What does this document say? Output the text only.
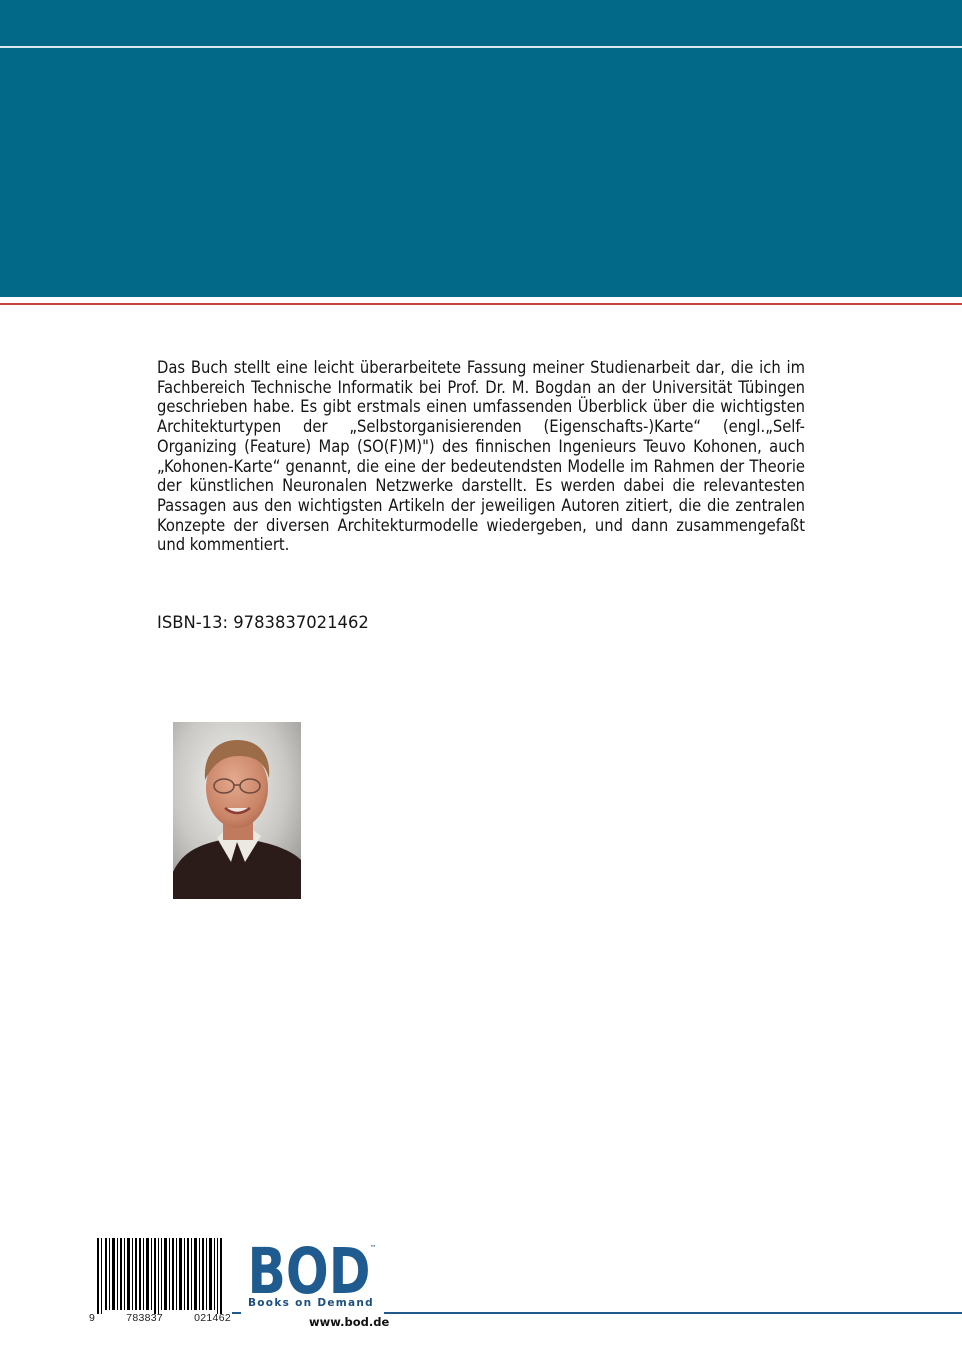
Das Buch stellt eine leicht überarbeitete Fassung meiner Studienarbeit dar, die ich im Fachbereich Technische Informatik bei Prof. Dr. M. Bogdan an der Universität Tübingen geschrieben habe. Es gibt erstmals einen umfassenden Überblick über die wichtigsten Architekturtypen der „Selbstorganisierenden (Eigenschafts-)Karte“ (engl.„Self-Organizing (Feature) Map (SO(F)M)") des finnischen Ingenieurs Teuvo Kohonen, auch „Kohonen-Karte“ genannt, die eine der bedeutendsten Modelle im Rahmen der Theorie der künstlichen Neuronalen Netzwerke darstellt. Es werden dabei die relevantesten Passagen aus den wichtigsten Artikeln der jeweiligen Autoren zitiert, die die zentralen Konzepte der diversen Architekturmodelle wiedergeben, und dann zusammengefaßt und kommentiert.

ISBN-13: 9783837021462
9	783837	021462
BOD ™
Books on Demand
www.bod.de
